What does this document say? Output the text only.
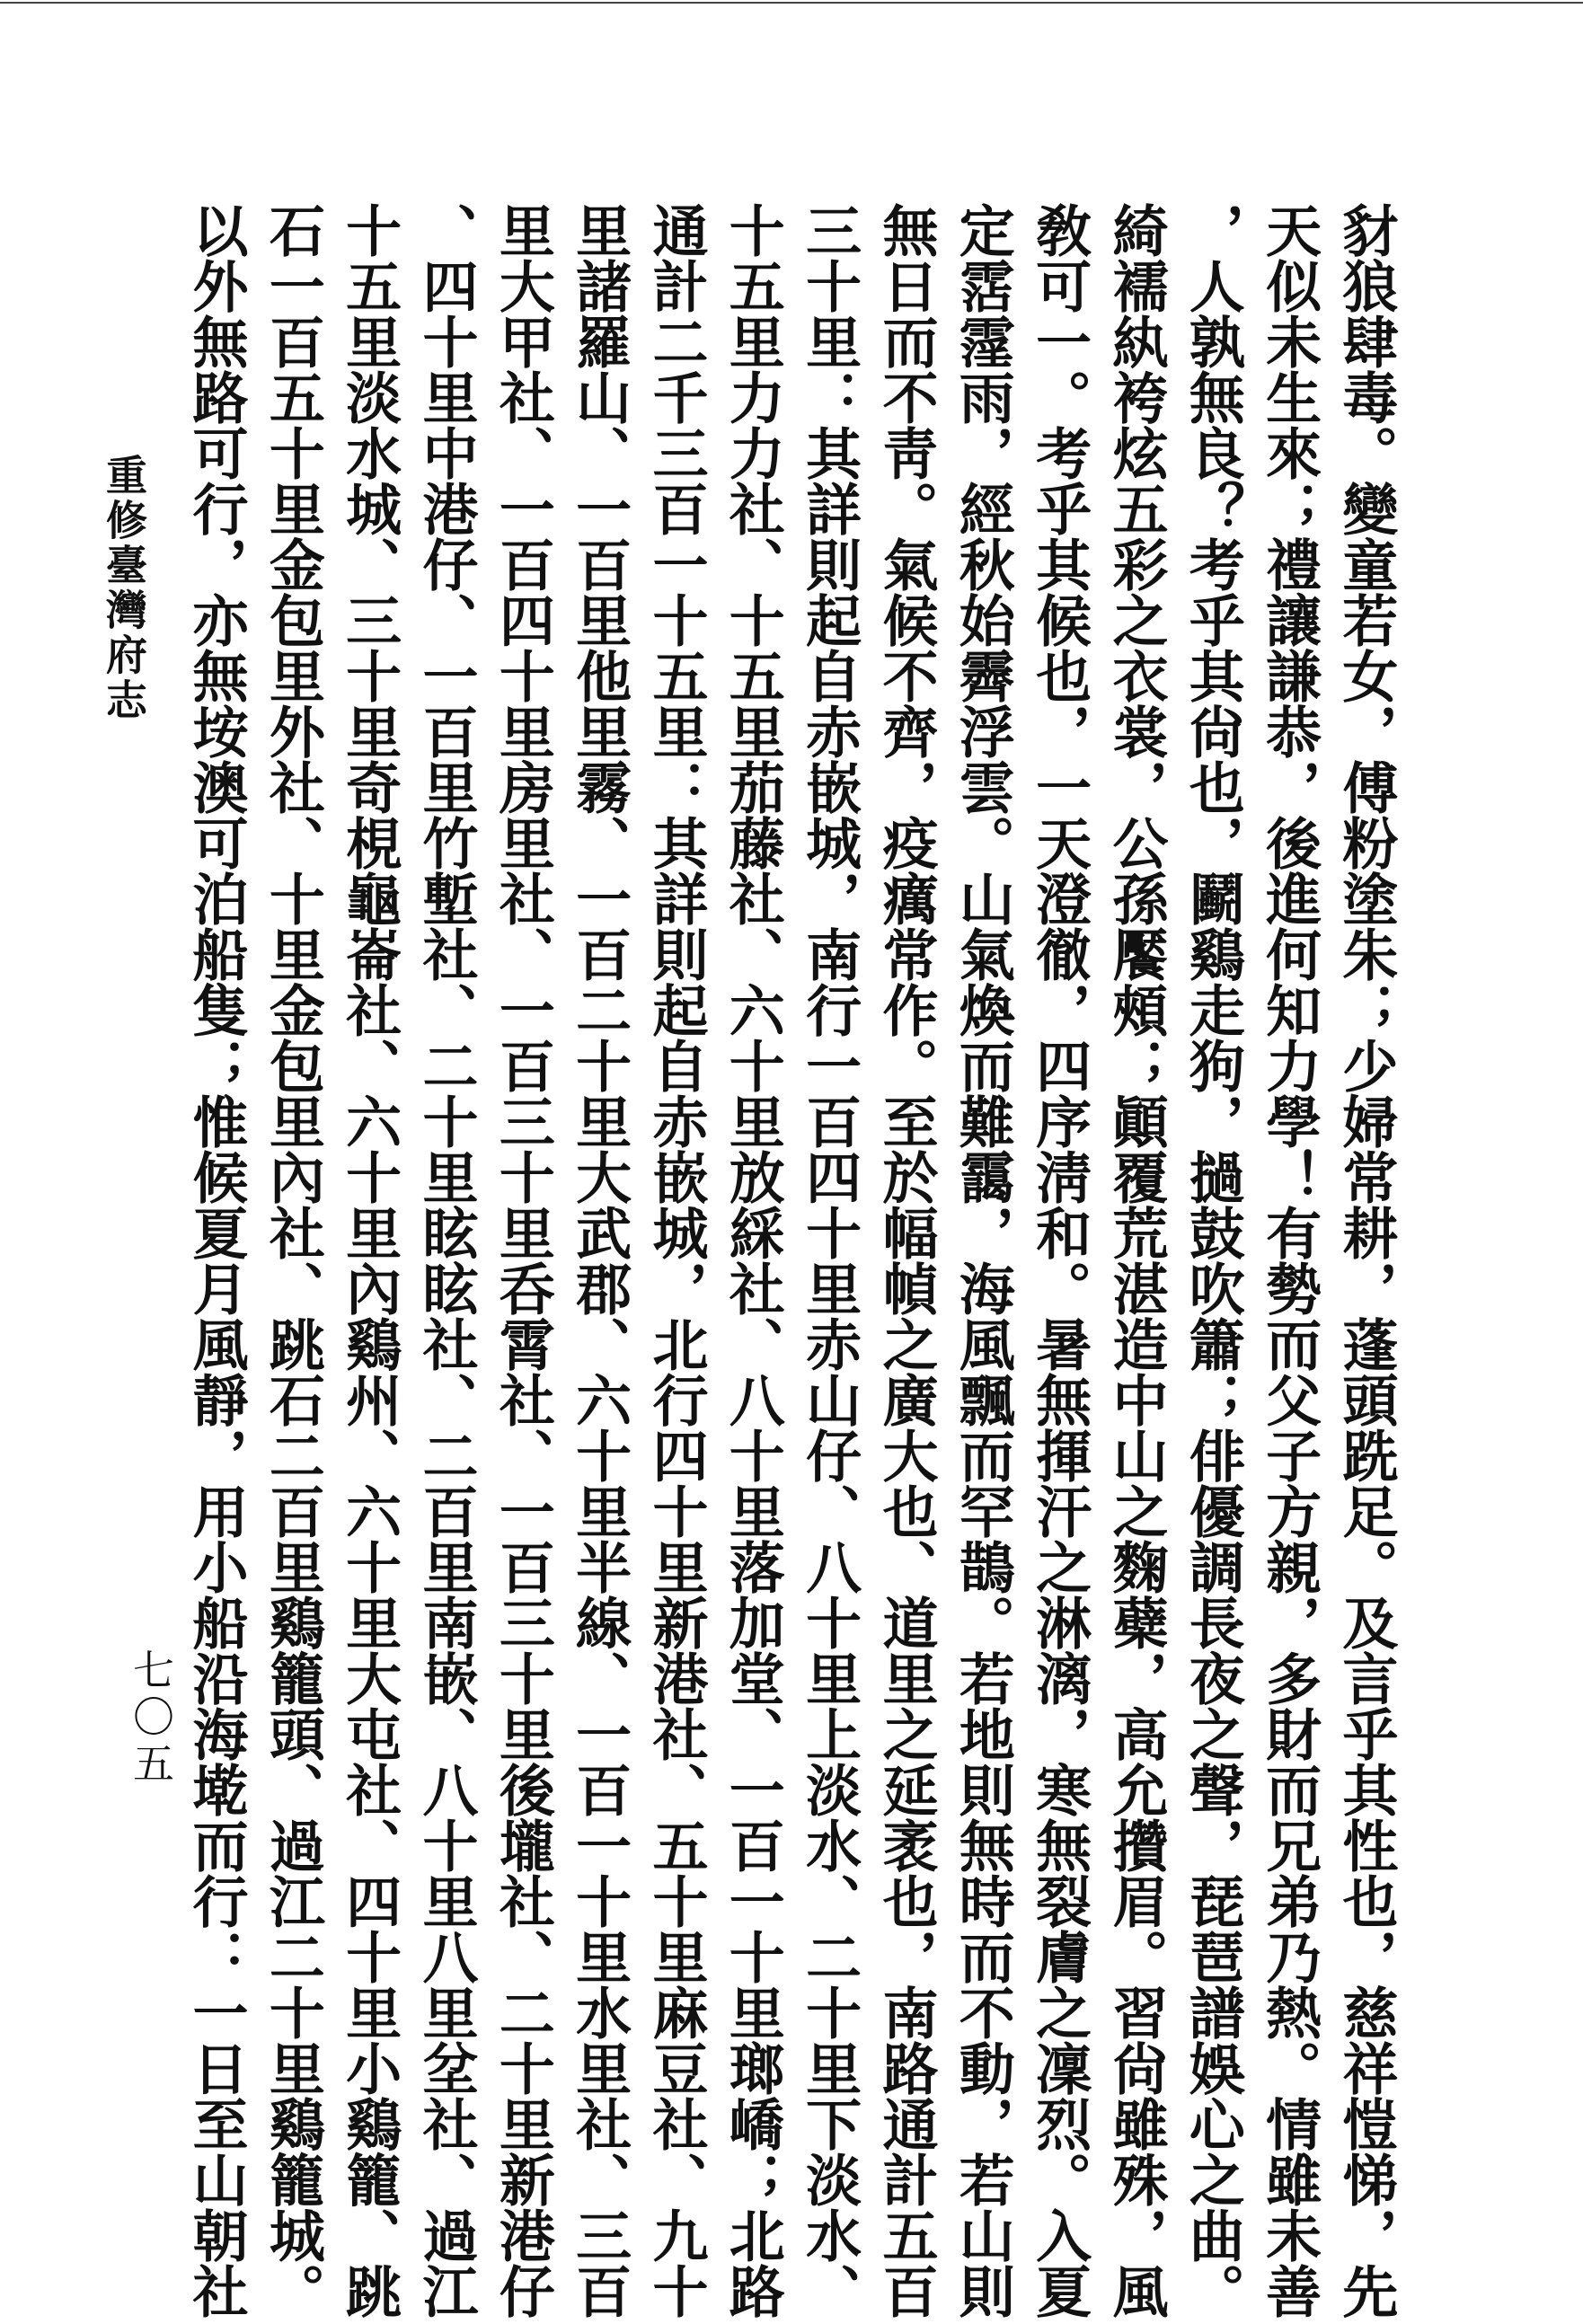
重修臺灣府志
七〇五	豺狼肆毒。變童若女，傅粉塗朱；少婦常耕，蓬頭跣足。及言乎其性也，慈祥愷悌，先
天似未生來；禮讓謙恭，後進何知力學！有勢而父子方親，多財而兄弟乃熱。情雖未善
，人孰無良？考乎其尙也，鬬鷄走狗，撾鼓吹簫；俳優調長夜之聲，琵琶譜娛心之曲。
綺襦紈袴炫五彩之衣裳，公孫饜頰；顚覆荒湛造中山之麴蘗，高允攢眉。習尙雖殊，風
敎可一。考乎其候也，一天澄徹，四序淸和。暑無揮汗之淋漓，寒無裂膚之凜烈。入夏
定霑霪雨，經秋始霽浮雲。山氣煥而難靄，海風飄而罕鵲。若地則無時而不動，若山則
無日而不靑。氣候不齊，疫癘常作。至於幅幀之廣大也、道里之延袤也，南路通計五百
三十里：其詳則起自赤嵌城，南行一百四十里赤山仔、八十里上淡水、二十里下淡水、
十五里力力社、十五里茄藤社、六十里放綵社、八十里落加堂、一百一十里瑯嶠；北路
通計二千三百一十五里：其詳則起自赤嵌城，北行四十里新港社、五十里麻豆社、九十
里諸羅山、一百里他里霧、一百二十里大武郡、六十里半線、一百一十里水里社、三百
里大甲社、一百四十里房里社、一百三十里呑霄社、一百三十里後壠社、二十里新港仔
、四十里中港仔、一百里竹塹社、二十里眩眩社、二百里南嵌、八十里八里坌社、過江
十五里淡水城、三十里奇梘龜崙社、六十里內鷄州、六十里大屯社、四十里小鷄籠、跳
石一百五十里金包里外社、十里金包里內社、跳石二百里鷄籠頭、過江二十里鷄籠城。
以外無路可行，亦無垵澳可泊船隻；惟候夏月風靜，用小船沿海墘而行：一日至山朝社
